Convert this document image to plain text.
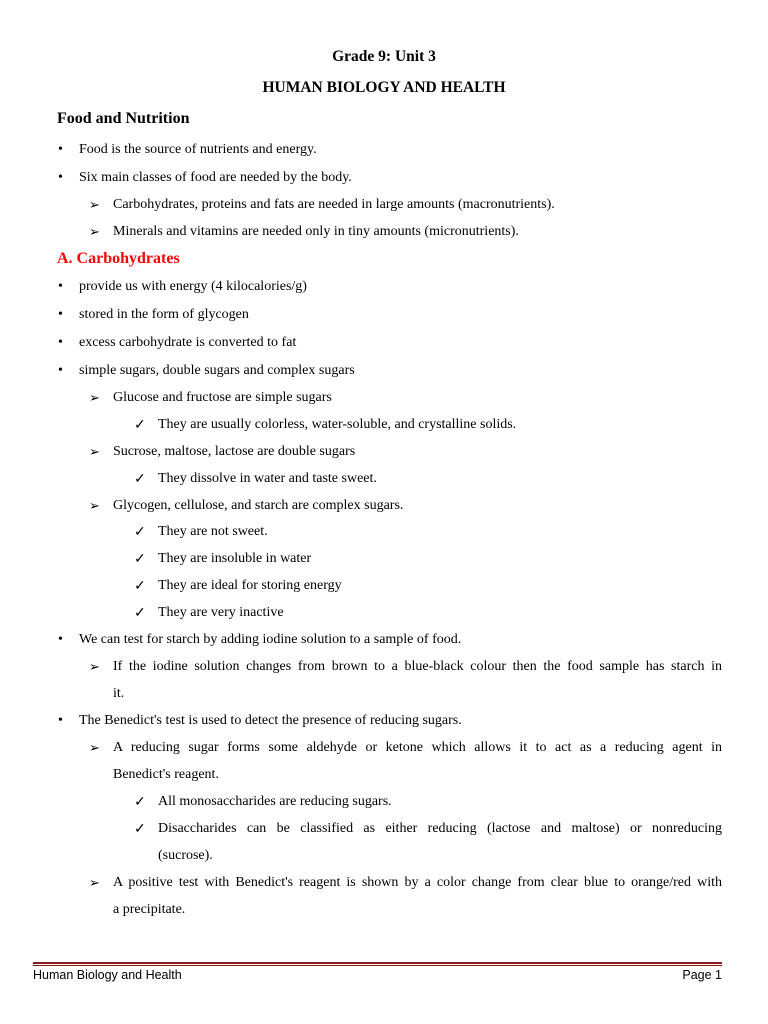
Grade 9: Unit 3
HUMAN BIOLOGY AND HEALTH
Food and Nutrition
• Food is the source of nutrients and energy.
• Six main classes of food are needed by the body.
➢ Carbohydrates, proteins and fats are needed in large amounts (macronutrients).
➢ Minerals and vitamins are needed only in tiny amounts (micronutrients).
A. Carbohydrates
• provide us with energy (4 kilocalories/g)
• stored in the form of glycogen
• excess carbohydrate is converted to fat
• simple sugars, double sugars and complex sugars
➢ Glucose and fructose are simple sugars
✓ They are usually colorless, water-soluble, and crystalline solids.
➢ Sucrose, maltose, lactose are double sugars
✓ They dissolve in water and taste sweet.
➢ Glycogen, cellulose, and starch are complex sugars.
✓ They are not sweet.
✓ They are insoluble in water
✓ They are ideal for storing energy
✓ They are very inactive
• We can test for starch by adding iodine solution to a sample of food.
➢ If the iodine solution changes from brown to a blue-black colour then the food sample has starch in
it.
• The Benedict's test is used to detect the presence of reducing sugars.
➢ A reducing sugar forms some aldehyde or ketone which allows it to act as a reducing agent in
Benedict's reagent.
✓ All monosaccharides are reducing sugars.
✓ Disaccharides can be classified as either reducing (lactose and maltose) or nonreducing
(sucrose).
➢ A positive test with Benedict's reagent is shown by a color change from clear blue to orange/red with
a precipitate.
Human Biology and Health	Page 1
